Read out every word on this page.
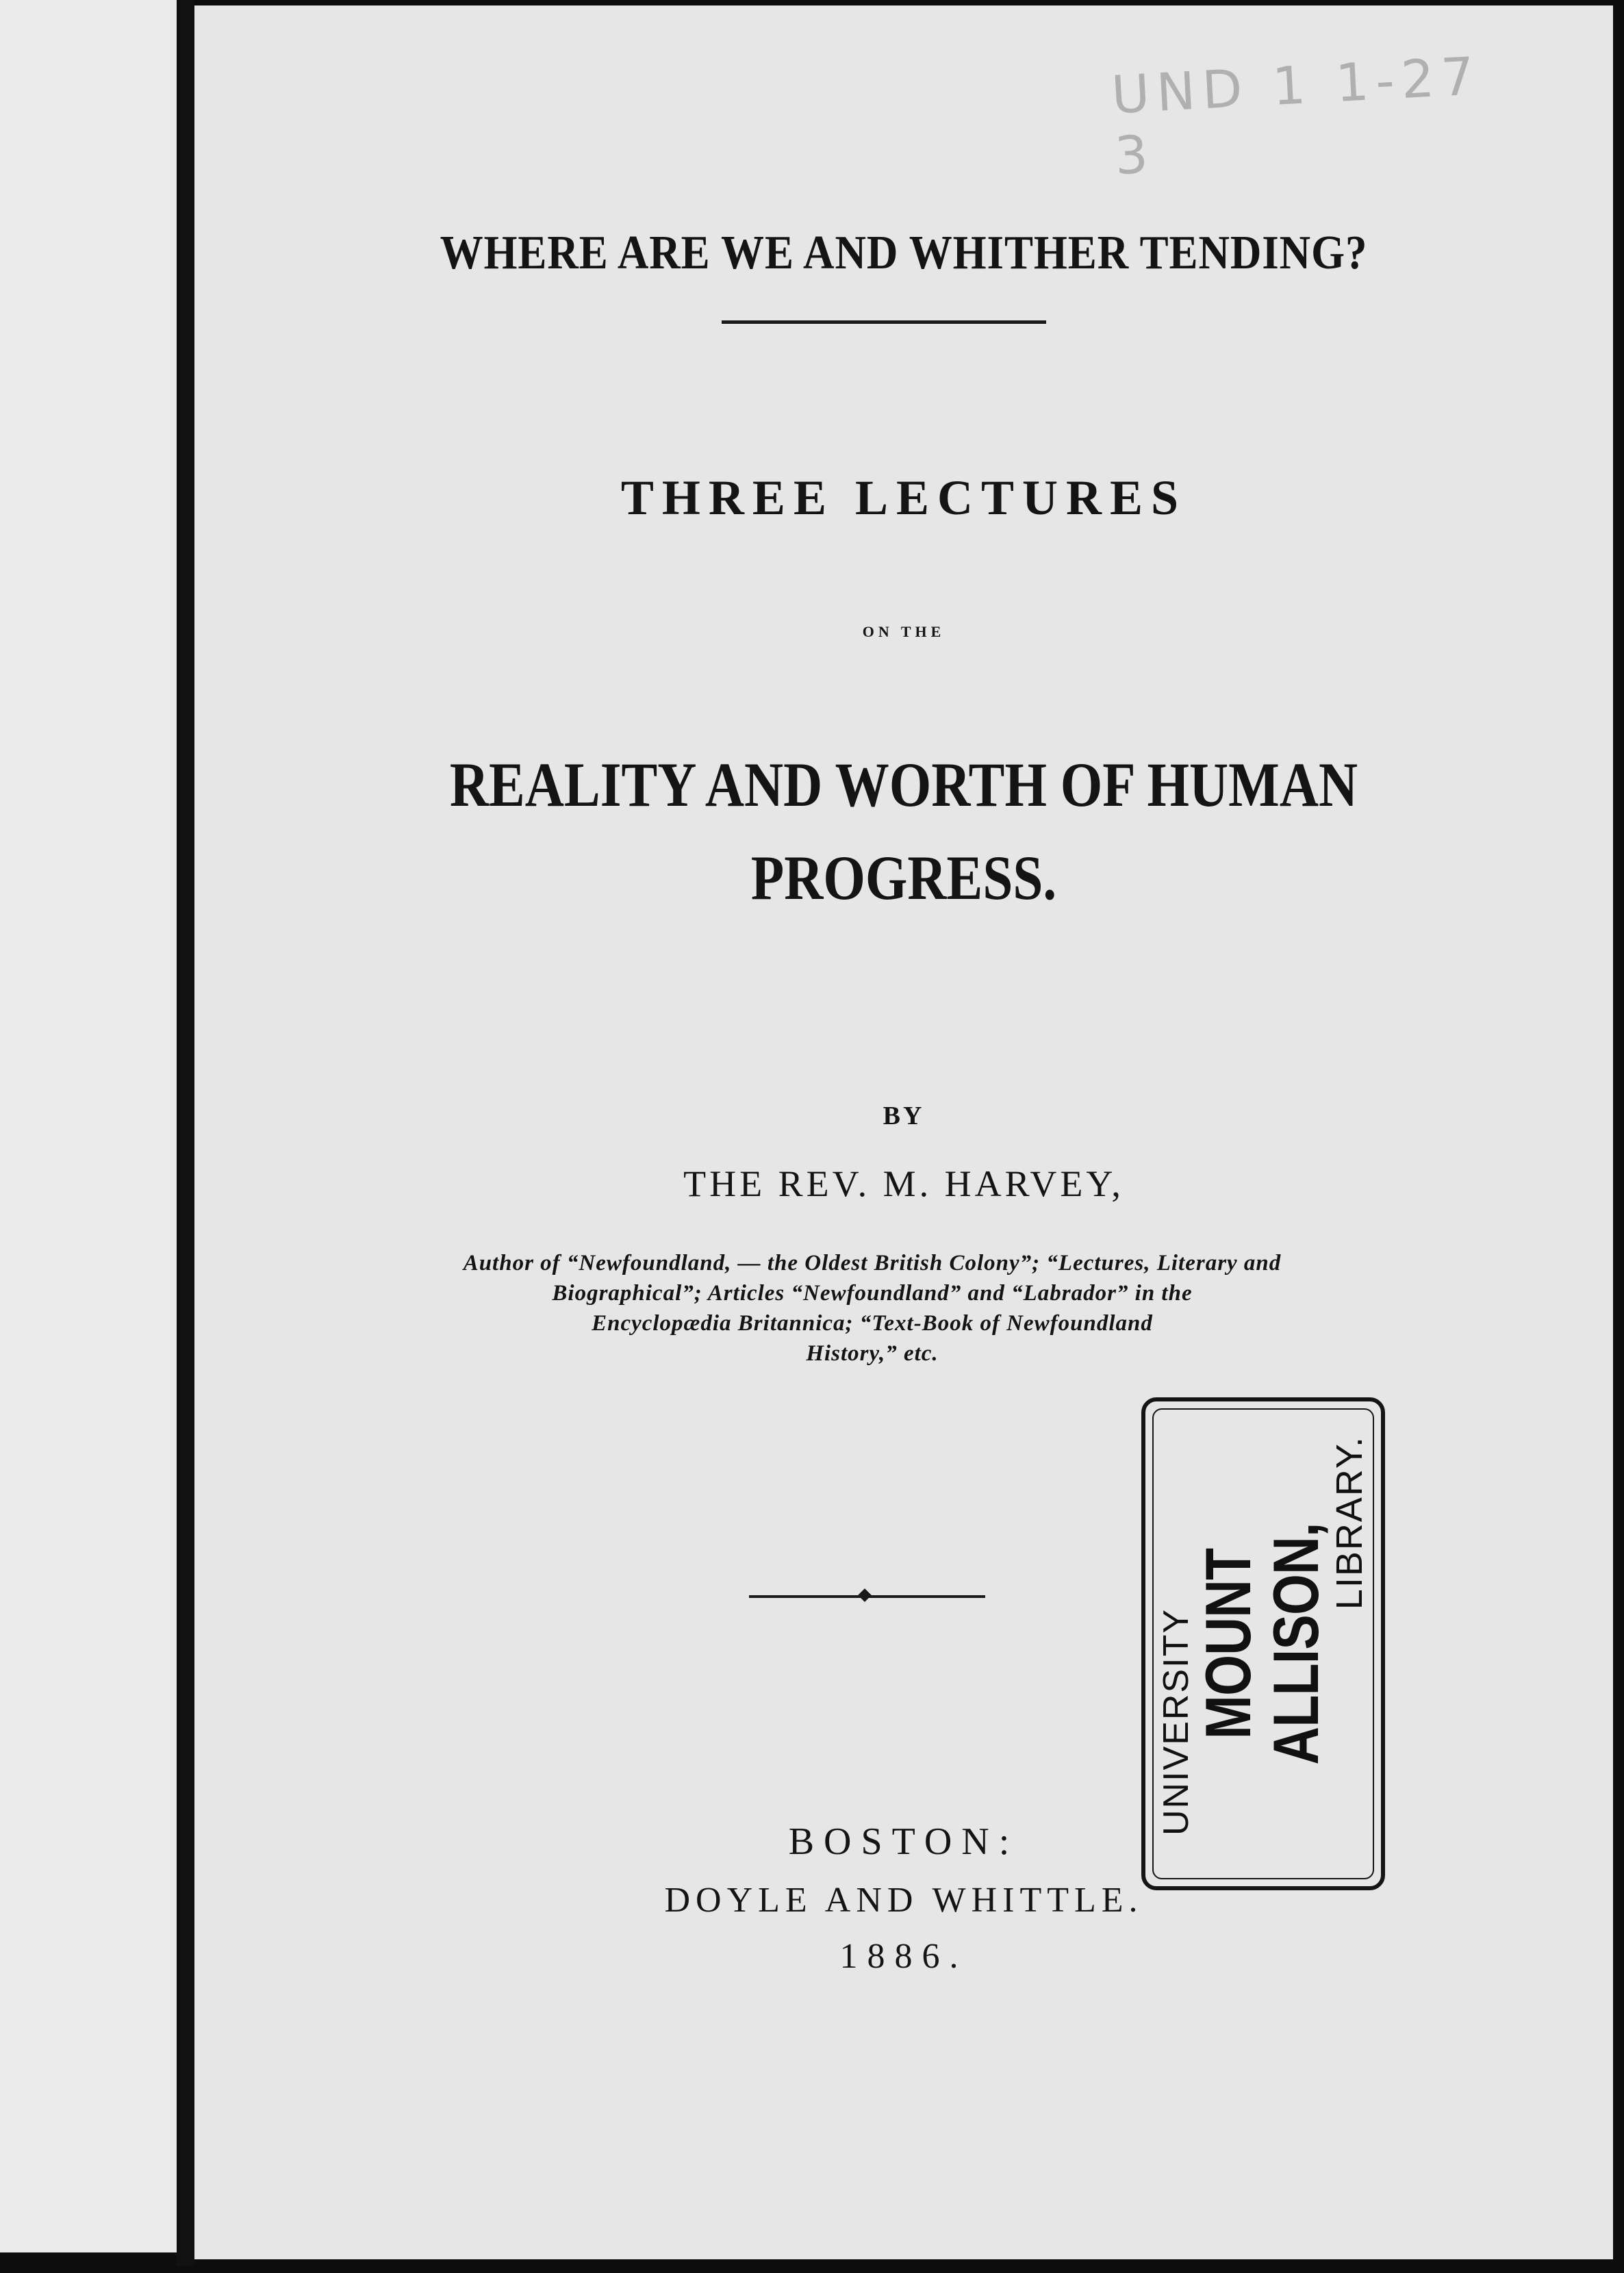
UND 1 1-27 3

WHERE ARE WE AND WHITHER TENDING?

THREE LECTURES

ON THE

REALITY AND WORTH OF HUMAN
PROGRESS.

BY

THE REV. M. HARVEY,

Author of “Newfoundland, — the Oldest British Colony”; “Lectures, Literary and
Biographical”; Articles “Newfoundland” and “Labrador” in the
Encyclopædia Britannica; “Text-Book of Newfoundland
History,” etc.

BOSTON:

DOYLE AND WHITTLE.

1886.

UNIVERSITY
MOUNT ALLISON,
LIBRARY.
